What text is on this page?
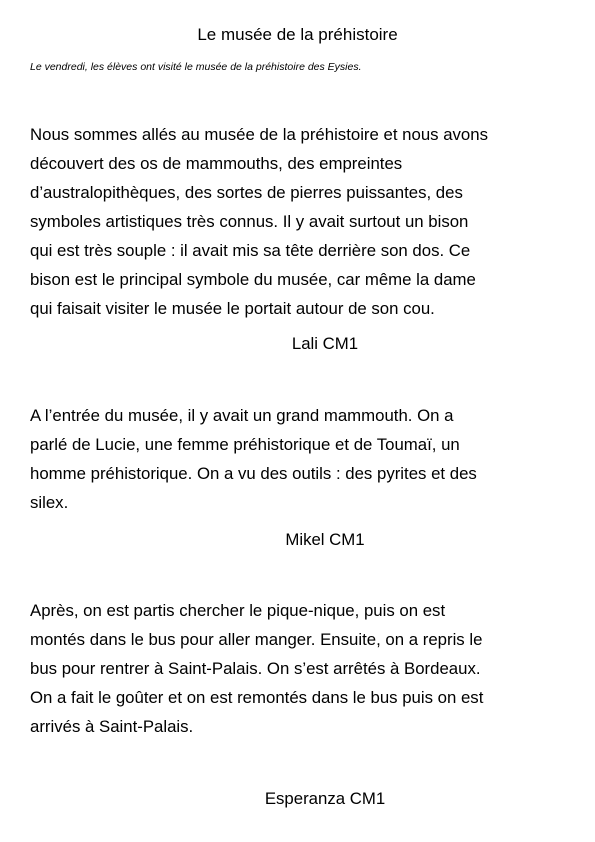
Le musée de la préhistoire
Le vendredi, les élèves ont visité le musée de la préhistoire des Eysies.

Nous sommes allés au musée de la préhistoire et nous avons
découvert des os de mammouths, des empreintes
d’australopithèques, des sortes de pierres puissantes, des
symboles artistiques très connus. Il y avait surtout un bison
qui est très souple : il avait mis sa tête derrière son dos. Ce
bison est le principal symbole du musée, car même la dame
qui faisait visiter le musée le portait autour de son cou.

Lali CM1

A l’entrée du musée, il y avait un grand mammouth. On a
parlé de Lucie, une femme préhistorique et de Toumaï, un
homme préhistorique. On a vu des outils : des pyrites et des
silex.

Mikel CM1

Après, on est partis chercher le pique-nique, puis on est
montés dans le bus pour aller manger. Ensuite, on a repris le
bus pour rentrer à Saint-Palais. On s’est arrêtés à Bordeaux.
On a fait le goûter et on est remontés dans le bus puis on est
arrivés à Saint-Palais.

Esperanza CM1
